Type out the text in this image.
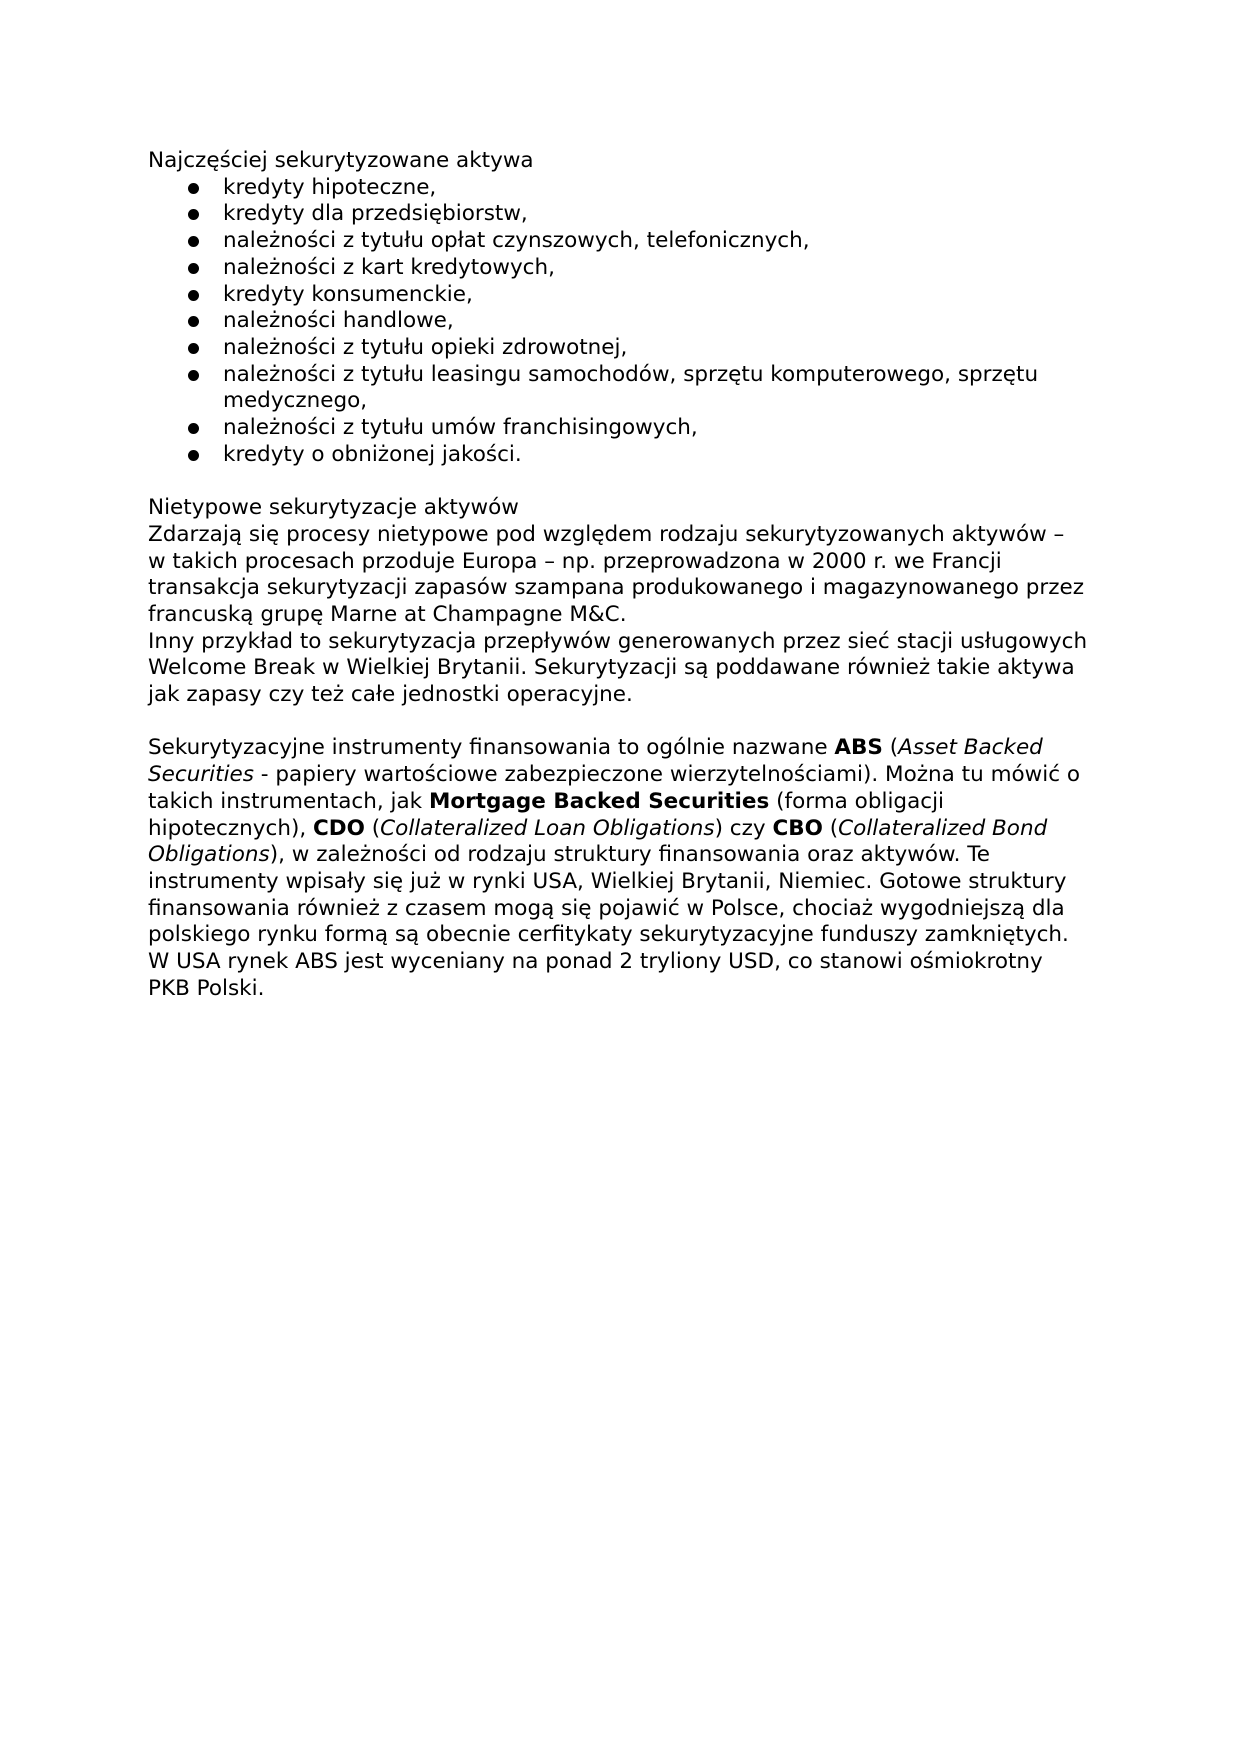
Najczęściej sekurytyzowane aktywa

kredyty hipoteczne,
kredyty dla przedsiębiorstw,
należności z tytułu opłat czynszowych, telefonicznych,
należności z kart kredytowych,
kredyty konsumenckie,
należności handlowe,
należności z tytułu opieki zdrowotnej,
należności z tytułu leasingu samochodów, sprzętu komputerowego, sprzętu medycznego,
należności z tytułu umów franchisingowych,
kredyty o obniżonej jakości.

Nietypowe sekurytyzacje aktywów

Zdarzają się procesy nietypowe pod względem rodzaju sekurytyzowanych aktywów – w takich procesach przoduje Europa – np. przeprowadzona w 2000 r. we Francji transakcja sekurytyzacji zapasów szampana produkowanego i magazynowanego przez francuską grupę Marne at Champagne M&C.

Inny przykład to sekurytyzacja przepływów generowanych przez sieć stacji usługowych Welcome Break w Wielkiej Brytanii. Sekurytyzacji są poddawane również takie aktywa jak zapasy czy też całe jednostki operacyjne.

Sekurytyzacyjne instrumenty finansowania to ogólnie nazwane ABS (Asset Backed Securities - papiery wartościowe zabezpieczone wierzytelnościami). Można tu mówić o takich instrumentach, jak Mortgage Backed Securities (forma obligacji hipotecznych), CDO (Collateralized Loan Obligations) czy CBO (Collateralized Bond Obligations), w zależności od rodzaju struktury finansowania oraz aktywów. Te instrumenty wpisały się już w rynki USA, Wielkiej Brytanii, Niemiec. Gotowe struktury finansowania również z czasem mogą się pojawić w Polsce, chociaż wygodniejszą dla polskiego rynku formą są obecnie cerfitykaty sekurytyzacyjne funduszy zamkniętych. W USA rynek ABS jest wyceniany na ponad 2 tryliony USD, co stanowi ośmiokrotny PKB Polski.
